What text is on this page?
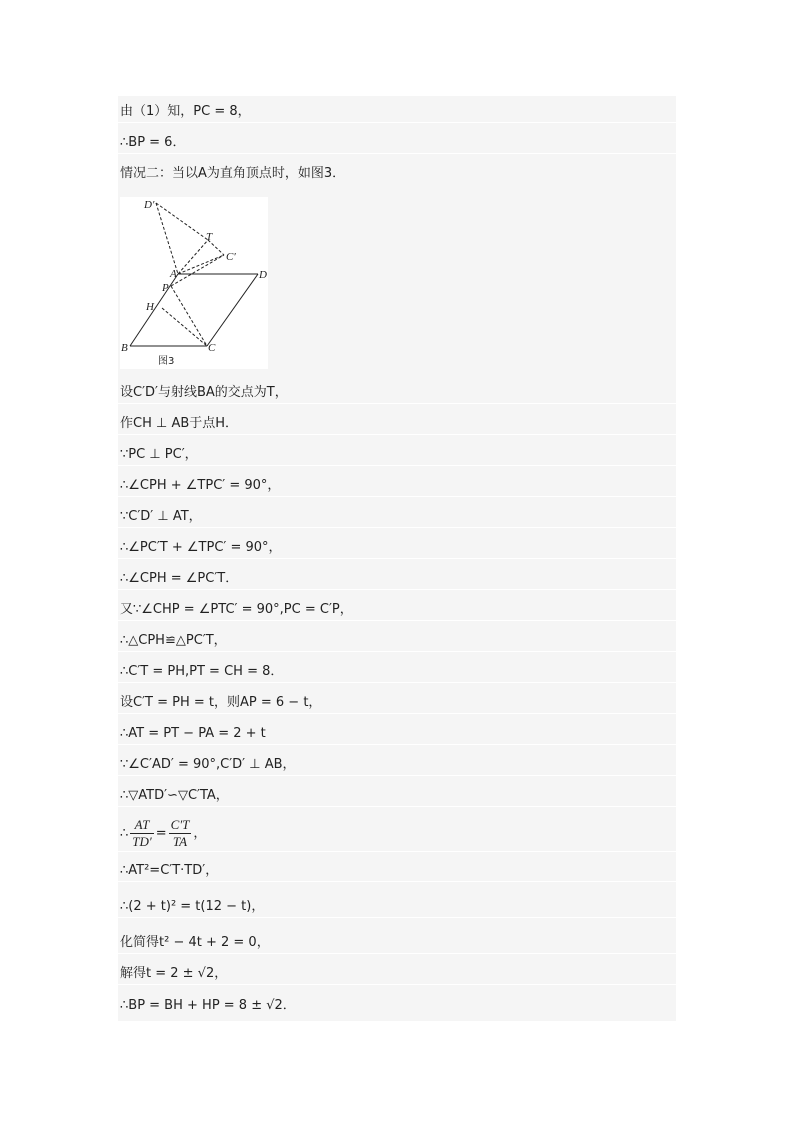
由（1）知，PC = 8，
∴BP = 6．
情况二：当以A为直角顶点时，如图3．
设C′D′与射线BA的交点为T，
作CH ⊥ AB于点H．
∵PC ⊥ PC′，
∴∠CPH + ∠TPC′ = 90°，
∵C′D′ ⊥ AT，
∴∠PC′T + ∠TPC′ = 90°，
∴∠CPH = ∠PC′T．
又∵∠CHP = ∠PTC′ = 90°,PC = C′P，
∴△CPH≌△PC′T，
∴C′T = PH,PT = CH = 8．
设C′T = PH = t，则AP = 6 − t，
∴AT = PT − PA = 2 + t
∵∠C′AD′ = 90°,C′D′ ⊥ AB，
∴▽ATD′∽▽C′TA，
∴ $\frac{AT}{TD'} = \frac{C'T}{TA}$ ，
∴AT²=C′T·TD′，
∴(2 + t)² = t(12 − t)，
化简得t² − 4t + 2 = 0，
解得t = 2 ± √2，
∴BP = BH + HP = 8 ± √2．
D′
T
C′
A	D
P
H
B	C
图3
